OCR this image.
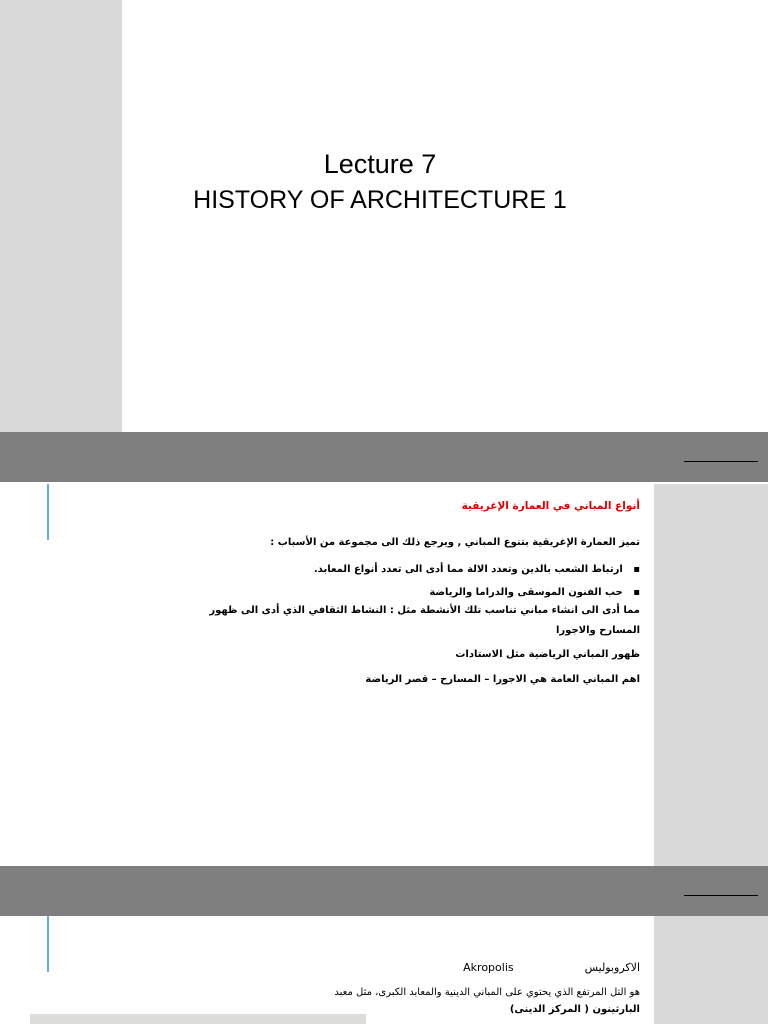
Lecture 7
HISTORY OF ARCHITECTURE 1
أنواع المباني في العمارة الإغريقية
تميز العمارة الإغريقية بتنوع المباني , ويرجع ذلك الى مجموعة من الأسباب :
▪   ارتباط الشعب بالدين وتعدد الالة مما أدى الى تعدد أنواع المعابد.
▪   حب الفنون الموسقى والدراما والرياضة
مما أدى الى انشاء مباني تناسب تلك الأنشطة مثل : النشاط الثقافي الذي أدى الى ظهور
المسارح والاجورا
ظهور المباني الرياضية مثل الاستادات
اهم المباني العامة هي الاجورا – المسارح – قصر الرياضة
الاكروبوليس  Akropolis
هو التل المرتفع الذي يحتوي على المباني الدينية والمعابد الكبرى، مثل معبد
البارثينون ( المركز الدينى)
